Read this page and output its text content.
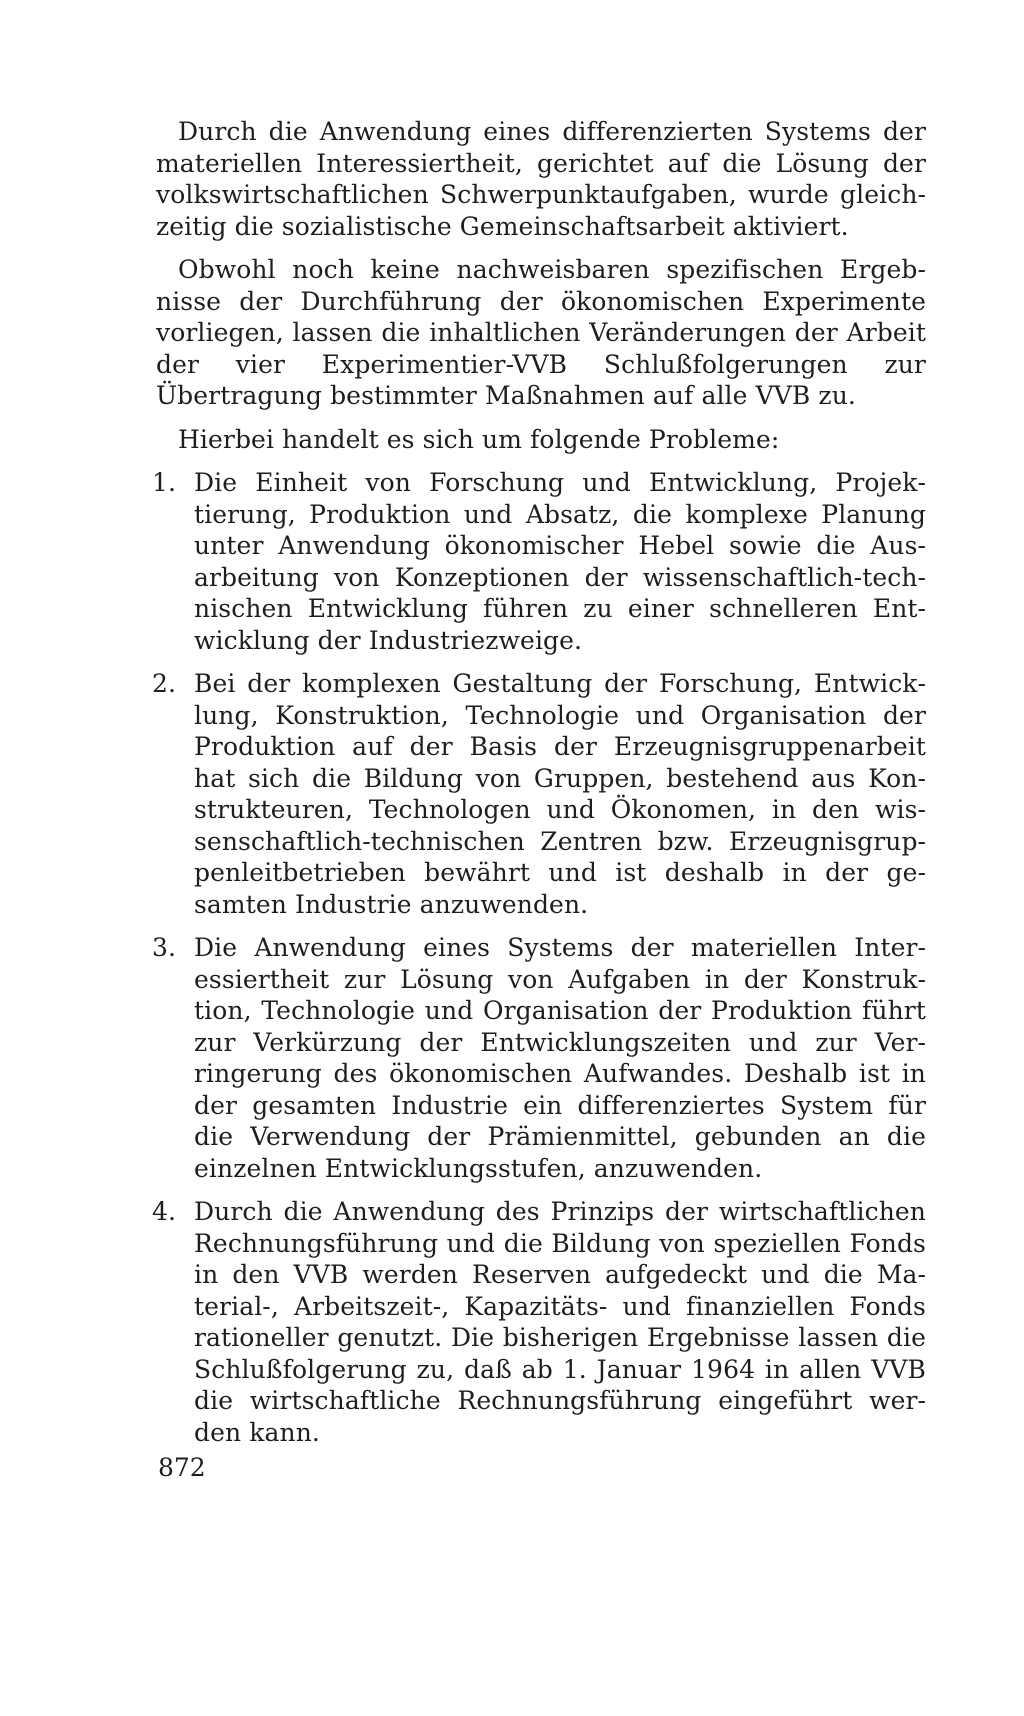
Durch die Anwendung eines differenzierten Systems der materiellen Interessiertheit, gerichtet auf die Lösung der volkswirtschaftlichen Schwerpunktaufgaben, wurde gleichzeitig die sozialistische Gemeinschaftsarbeit aktiviert.

Obwohl noch keine nachweisbaren spezifischen Ergebnisse der Durchführung der ökonomischen Experimente vorliegen, lassen die inhaltlichen Veränderungen der Arbeit der vier Experimentier-VVB Schlußfolgerungen zur Übertragung bestimmter Maßnahmen auf alle VVB zu.

Hierbei handelt es sich um folgende Probleme:

1. Die Einheit von Forschung und Entwicklung, Projektierung, Produktion und Absatz, die komplexe Planung unter Anwendung ökonomischer Hebel sowie die Ausarbeitung von Konzeptionen der wissenschaftlich-technischen Entwicklung führen zu einer schnelleren Entwicklung der Industriezweige.
2. Bei der komplexen Gestaltung der Forschung, Entwicklung, Konstruktion, Technologie und Organisation der Produktion auf der Basis der Erzeugnisgruppenarbeit hat sich die Bildung von Gruppen, bestehend aus Konstrukteuren, Technologen und Ökonomen, in den wissenschaftlich-technischen Zentren bzw. Erzeugnisgruppenleitbetrieben bewährt und ist deshalb in der gesamten Industrie anzuwenden.
3. Die Anwendung eines Systems der materiellen Interessiertheit zur Lösung von Aufgaben in der Konstruktion, Technologie und Organisation der Produktion führt zur Verkürzung der Entwicklungszeiten und zur Verringerung des ökonomischen Aufwandes. Deshalb ist in der gesamten Industrie ein differenziertes System für die Verwendung der Prämienmittel, gebunden an die einzelnen Entwicklungsstufen, anzuwenden.
4. Durch die Anwendung des Prinzips der wirtschaftlichen Rechnungsführung und die Bildung von speziellen Fonds in den VVB werden Reserven aufgedeckt und die Material-, Arbeitszeit-, Kapazitäts- und finanziellen Fonds rationeller genutzt. Die bisherigen Ergebnisse lassen die Schlußfolgerung zu, daß ab 1. Januar 1964 in allen VVB die wirtschaftliche Rechnungsführung eingeführt werden kann.
872
